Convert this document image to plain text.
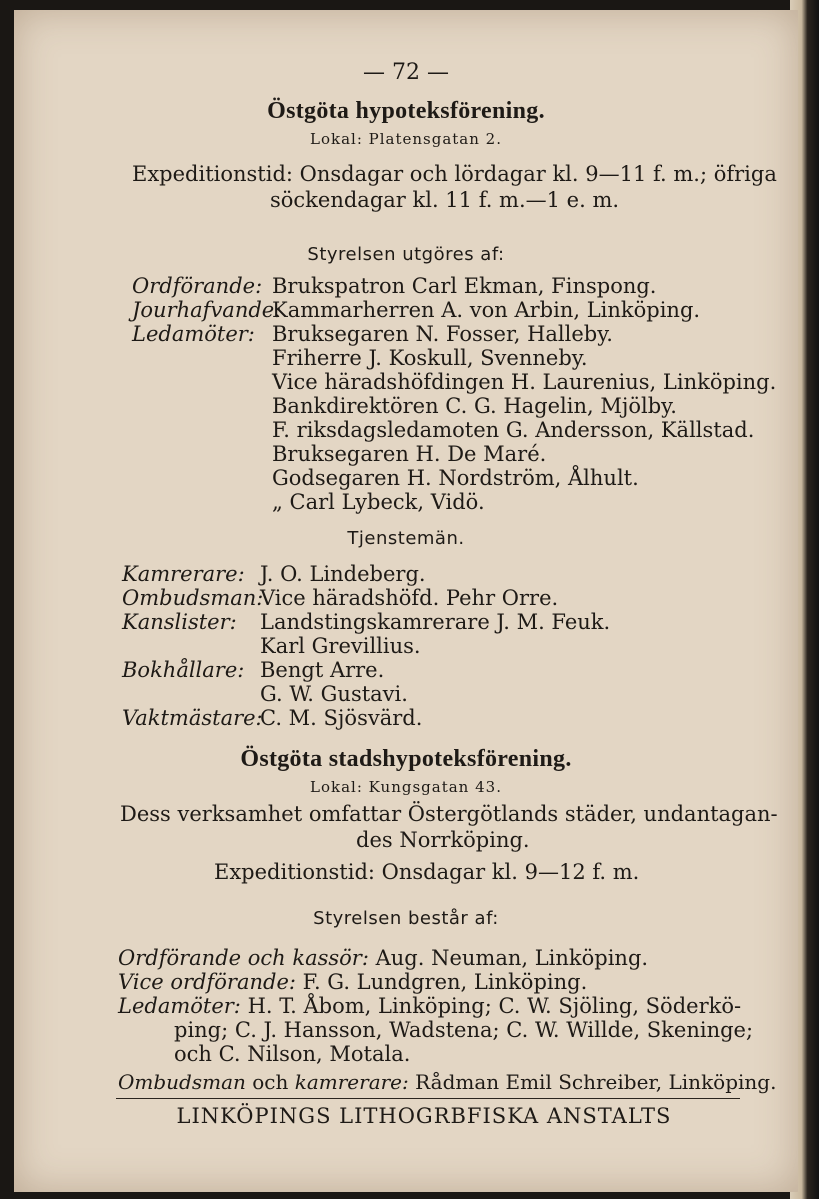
— 72 —
Östgöta hypoteksförening.
Lokal: Platensgatan 2.
Expeditionstid: Onsdagar och lördagar kl. 9—11 f. m.; öfriga
söckendagar kl. 11 f. m.—1 e. m.
Styrelsen utgöres af:
Ordförande: Brukspatron Carl Ekman, Finspong.
Jourhafvande:
Kammarherren A. von Arbin, Linköping.
Ledamöter: Bruksegaren N. Fosser, Halleby.
Friherre J. Koskull, Svenneby.
Vice häradshöfdingen H. Laurenius, Linköping.
Bankdirektören C. G. Hagelin, Mjölby.
F. riksdagsledamoten G. Andersson, Källstad.
Bruksegaren H. De Maré.
Godsegaren H. Nordström, Ålhult.
„ Carl Lybeck, Vidö.
Tjenstemän.
Kamrerare: J. O. Lindeberg.
Ombudsman:
Vice häradshöfd. Pehr Orre.
Kanslister: Landstingskamrerare J. M. Feuk.
Karl Grevillius.
Bokhållare: Bengt Arre.
G. W. Gustavi.
Vaktmästare:
C. M. Sjösvärd.
Östgöta stadshypoteksförening.
Lokal: Kungsgatan 43.
Dess verksamhet omfattar Östergötlands städer, undantagan-
des Norrköping.
Expeditionstid: Onsdagar kl. 9—12 f. m.
Styrelsen består af:
Ordförande och kassör: Aug. Neuman, Linköping.
Vice ordförande: F. G. Lundgren, Linköping.
Ledamöter: H. T. Åbom, Linköping; C. W. Sjöling, Söderkö-
ping; C. J. Hansson, Wadstena; C. W. Willde, Skeninge;
och C. Nilson, Motala.
Ombudsman och kamrerare: Rådman Emil Schreiber, Linköping.
LINKÖPINGS LITHOGRBFISKA ANSTALTS
